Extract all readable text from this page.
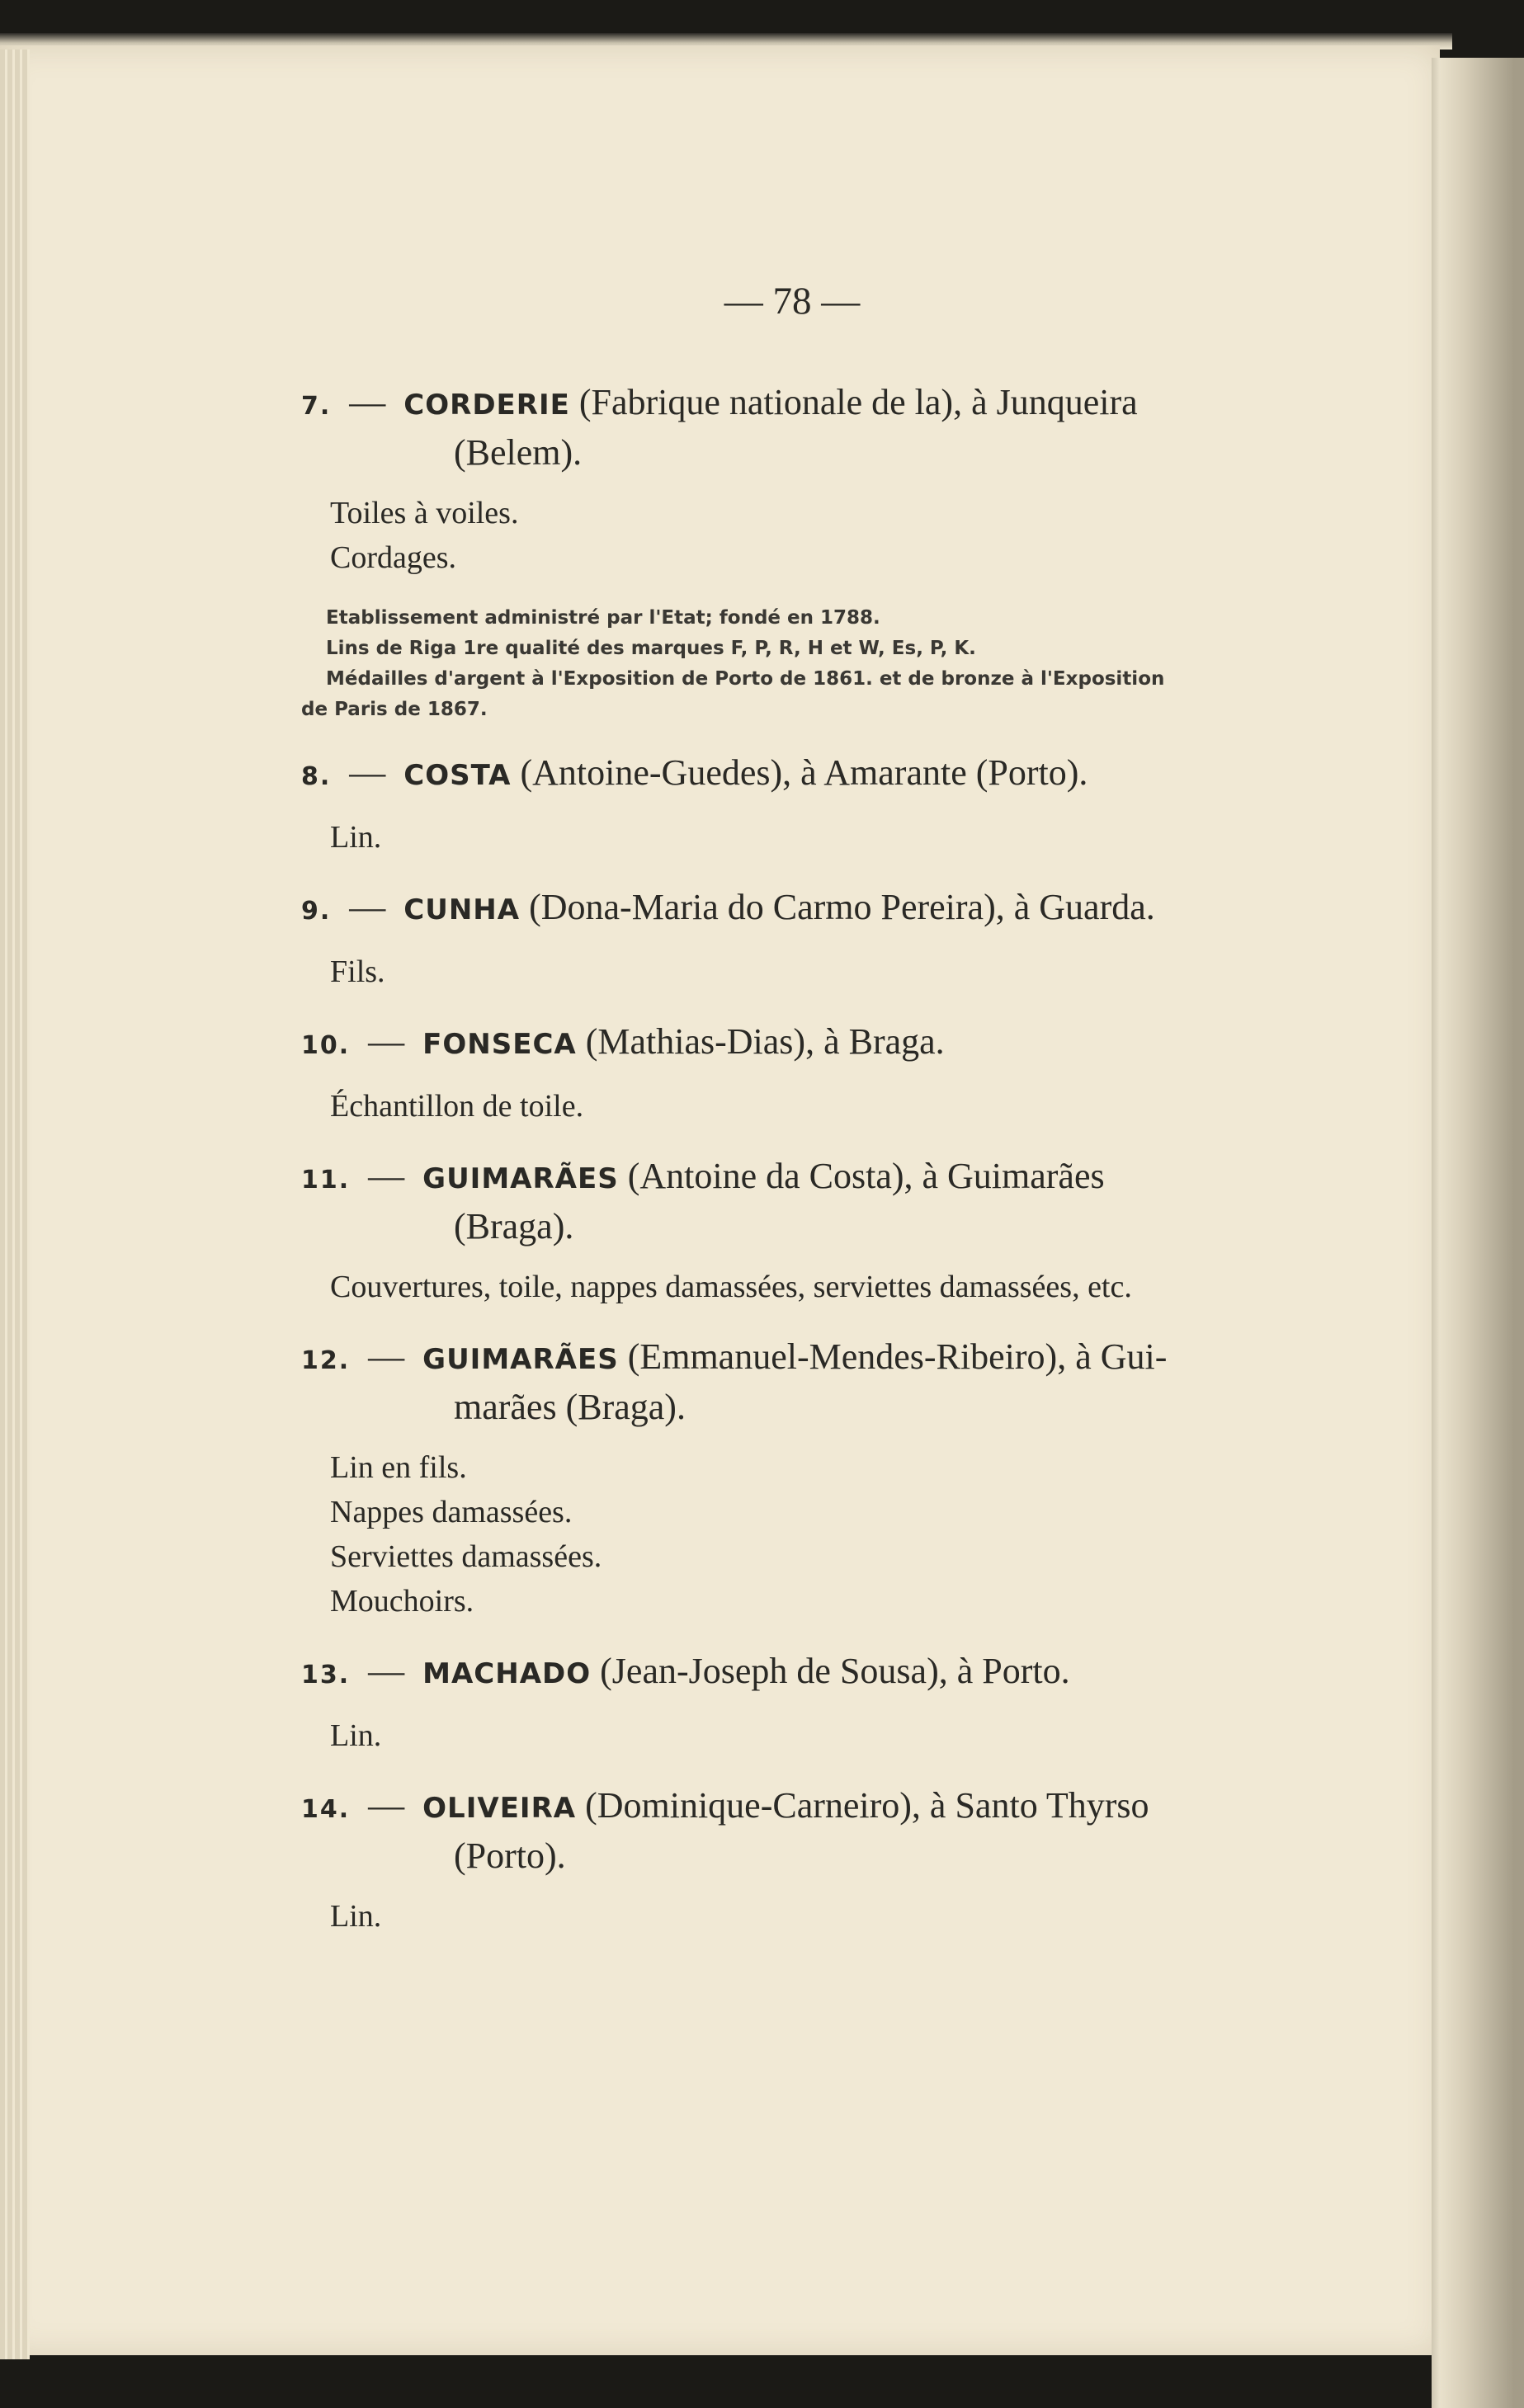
— 78 —
7. — CORDERIE (Fabrique nationale de la), à Junqueira
(Belem).
Toiles à voiles.
Cordages.
Etablissement administré par l'Etat; fondé en 1788.
Lins de Riga 1re qualité des marques F, P, R, H et W, Es, P, K.
Médailles d'argent à l'Exposition de Porto de 1861. et de bronze à l'Exposition
de Paris de 1867.
8. — COSTA (Antoine-Guedes), à Amarante (Porto).
Lin.
9. — CUNHA (Dona-Maria do Carmo Pereira), à Guarda.
Fils.
10. — FONSECA (Mathias-Dias), à Braga.
Échantillon de toile.
11. — GUIMARÃES (Antoine da Costa), à Guimarães
(Braga).
Couvertures, toile, nappes damassées, serviettes damassées, etc.
12. — GUIMARÃES (Emmanuel-Mendes-Ribeiro), à Gui-
marães (Braga).
Lin en fils.
Nappes damassées.
Serviettes damassées.
Mouchoirs.
13. — MACHADO (Jean-Joseph de Sousa), à Porto.
Lin.
14. — OLIVEIRA (Dominique-Carneiro), à Santo Thyrso
(Porto).
Lin.
